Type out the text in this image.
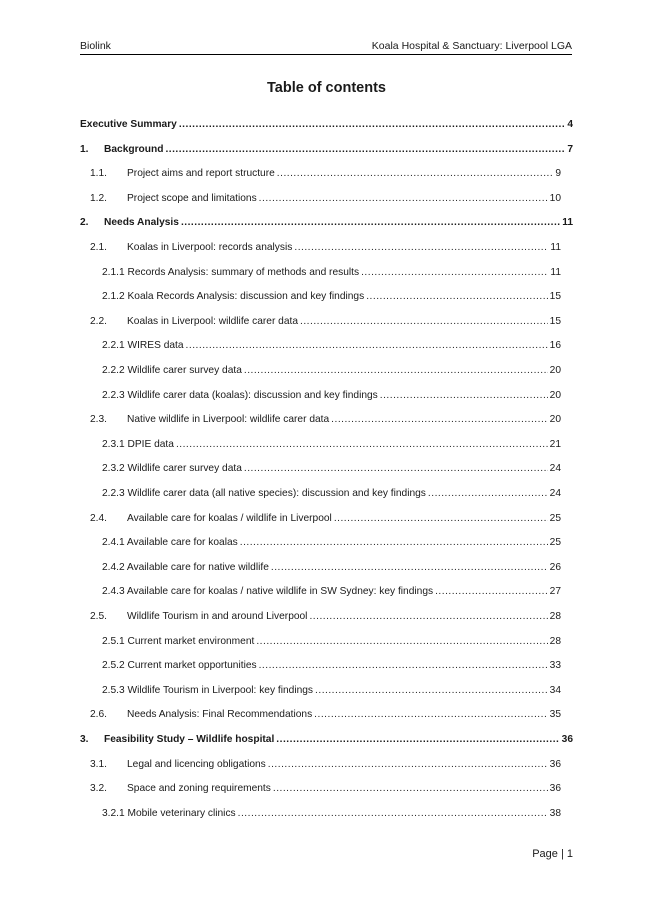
Biolink	Koala Hospital & Sanctuary: Liverpool LGA
Table of contents
Executive Summary .....	4
1.	Background .....	7
1.1.	Project aims and report structure .....	9
1.2.	Project scope and limitations .....	10
2.	Needs Analysis .....	11
2.1.	Koalas in Liverpool: records analysis .....	11
2.1.1 Records Analysis: summary of methods and results .....	11
2.1.2 Koala Records Analysis: discussion and key findings .....	15
2.2.	Koalas in Liverpool: wildlife carer data .....	15
2.2.1 WIRES data .....	16
2.2.2 Wildlife carer survey data .....	20
2.2.3 Wildlife carer data (koalas): discussion and key findings .....	20
2.3.	Native wildlife in Liverpool: wildlife carer data .....	20
2.3.1 DPIE data .....	21
2.3.2 Wildlife carer survey data .....	24
2.2.3 Wildlife carer data (all native species): discussion and key findings .....	24
2.4.	Available care for koalas / wildlife in Liverpool .....	25
2.4.1 Available care for koalas .....	25
2.4.2 Available care for native wildlife .....	26
2.4.3 Available care for koalas / native wildlife in SW Sydney: key findings .....	27
2.5.	Wildlife Tourism in and around Liverpool .....	28
2.5.1 Current market environment .....	28
2.5.2 Current market opportunities .....	33
2.5.3 Wildlife Tourism in Liverpool: key findings .....	34
2.6.	Needs Analysis: Final Recommendations .....	35
3.	Feasibility Study – Wildlife hospital .....	36
3.1.	Legal and licencing obligations .....	36
3.2.	Space and zoning requirements .....	36
3.2.1 Mobile veterinary clinics .....	38
Page | 1
